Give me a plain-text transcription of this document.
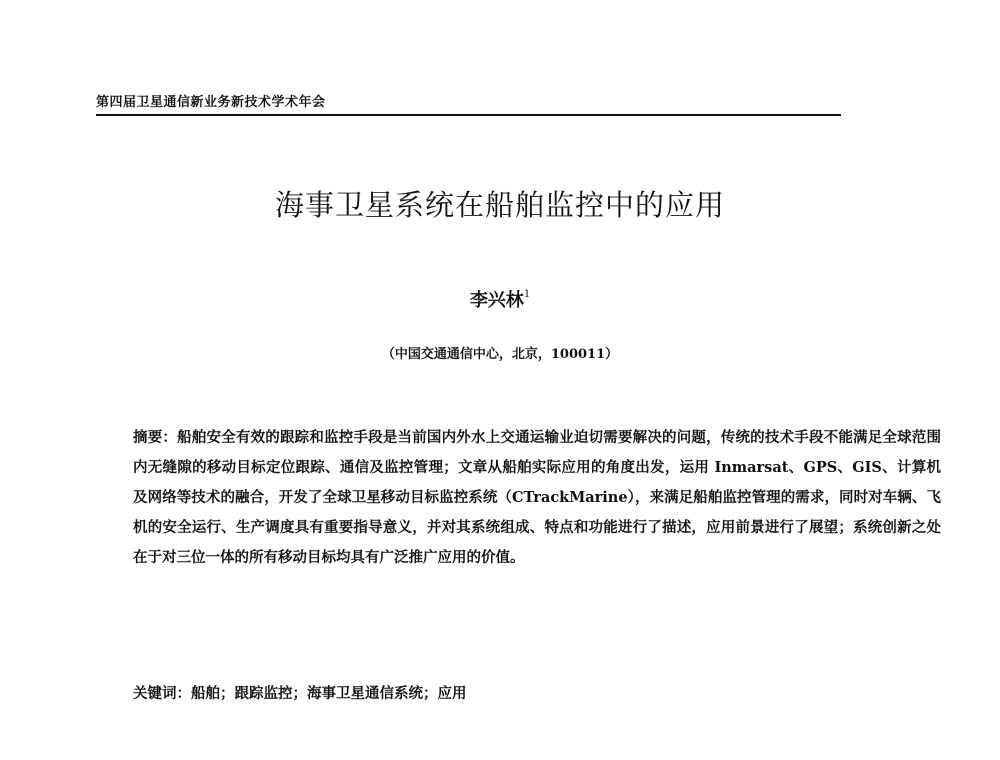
第四届卫星通信新业务新技术学术年会
海事卫星系统在船舶监控中的应用
李兴林$^1$
（中国交通通信中心，北京，100011）
摘要：船舶安全有效的跟踪和监控手段是当前国内外水上交通运输业迫切需要解决的问题，传统的技术手段不能满足全球范围内无缝隙的移动目标定位跟踪、通信及监控管理；文章从船舶实际应用的角度出发，运用 Inmarsat、GPS、GIS、计算机及网络等技术的融合，开发了全球卫星移动目标监控系统（CTrackMarine），来满足船舶监控管理的需求，同时对车辆、飞机的安全运行、生产调度具有重要指导意义，并对其系统组成、特点和功能进行了描述，应用前景进行了展望；系统创新之处在于对三位一体的所有移动目标均具有广泛推广应用的价值。
关键词：船舶；跟踪监控；海事卫星通信系统；应用
